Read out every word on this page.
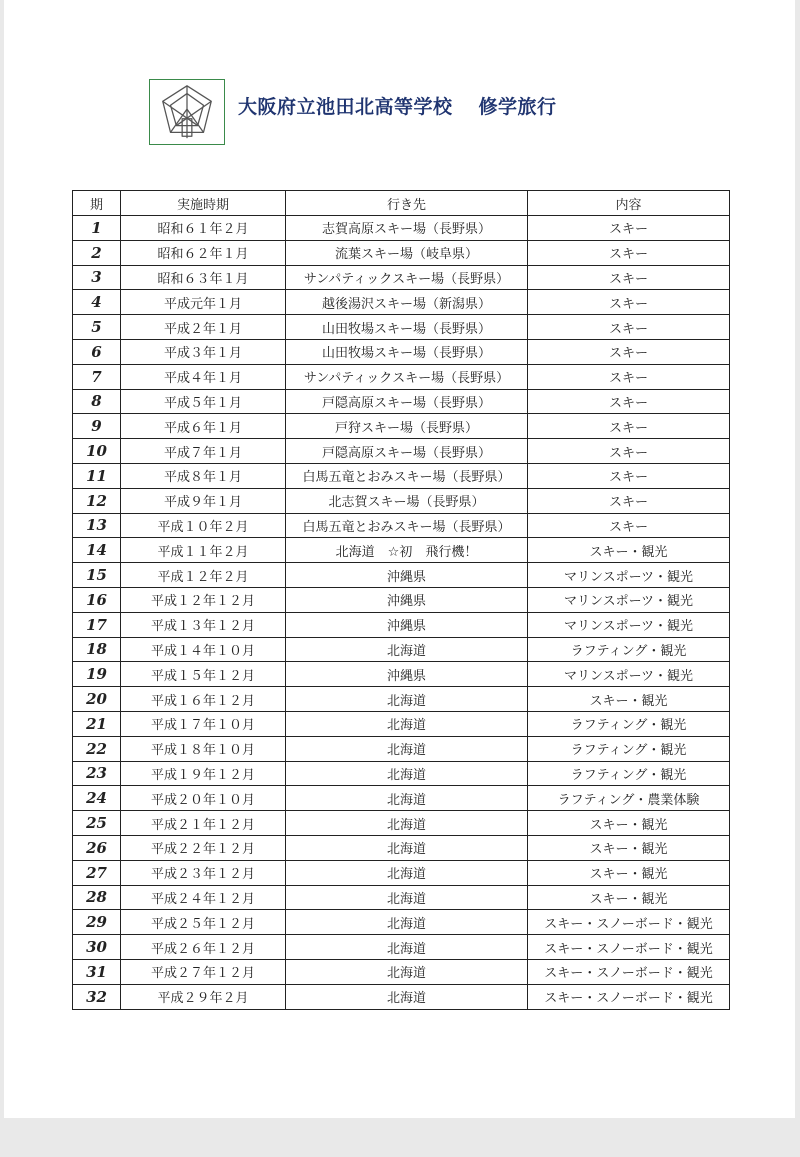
大阪府立池田北高等学校 修学旅行
期	実施時期	行き先	内容
1	昭和６１年２月	志賀高原スキー場（長野県）	スキー
2	昭和６２年１月	流葉スキー場（岐阜県）	スキー
3	昭和６３年１月	サンパティックスキー場（長野県）	スキー
4	平成元年１月	越後湯沢スキー場（新潟県）	スキー
5	平成２年１月	山田牧場スキー場（長野県）	スキー
6	平成３年１月	山田牧場スキー場（長野県）	スキー
7	平成４年１月	サンパティックスキー場（長野県）	スキー
8	平成５年１月	戸隠高原スキー場（長野県）	スキー
9	平成６年１月	戸狩スキー場（長野県）	スキー
10	平成７年１月	戸隠高原スキー場（長野県）	スキー
11	平成８年１月	白馬五竜とおみスキー場（長野県）	スキー
12	平成９年１月	北志賀スキー場（長野県）	スキー
13	平成１０年２月	白馬五竜とおみスキー場（長野県）	スキー
14	平成１１年２月	北海道　☆初　飛行機！	スキー・観光
15	平成１２年２月	沖縄県	マリンスポーツ・観光
16	平成１２年１２月	沖縄県	マリンスポーツ・観光
17	平成１３年１２月	沖縄県	マリンスポーツ・観光
18	平成１４年１０月	北海道	ラフティング・観光
19	平成１５年１２月	沖縄県	マリンスポーツ・観光
20	平成１６年１２月	北海道	スキー・観光
21	平成１７年１０月	北海道	ラフティング・観光
22	平成１８年１０月	北海道	ラフティング・観光
23	平成１９年１２月	北海道	ラフティング・観光
24	平成２０年１０月	北海道	ラフティング・農業体験
25	平成２１年１２月	北海道	スキー・観光
26	平成２２年１２月	北海道	スキー・観光
27	平成２３年１２月	北海道	スキー・観光
28	平成２４年１２月	北海道	スキー・観光
29	平成２５年１２月	北海道	スキー・スノーボード・観光
30	平成２６年１２月	北海道	スキー・スノーボード・観光
31	平成２７年１２月	北海道	スキー・スノーボード・観光
32	平成２９年２月	北海道	スキー・スノーボード・観光
